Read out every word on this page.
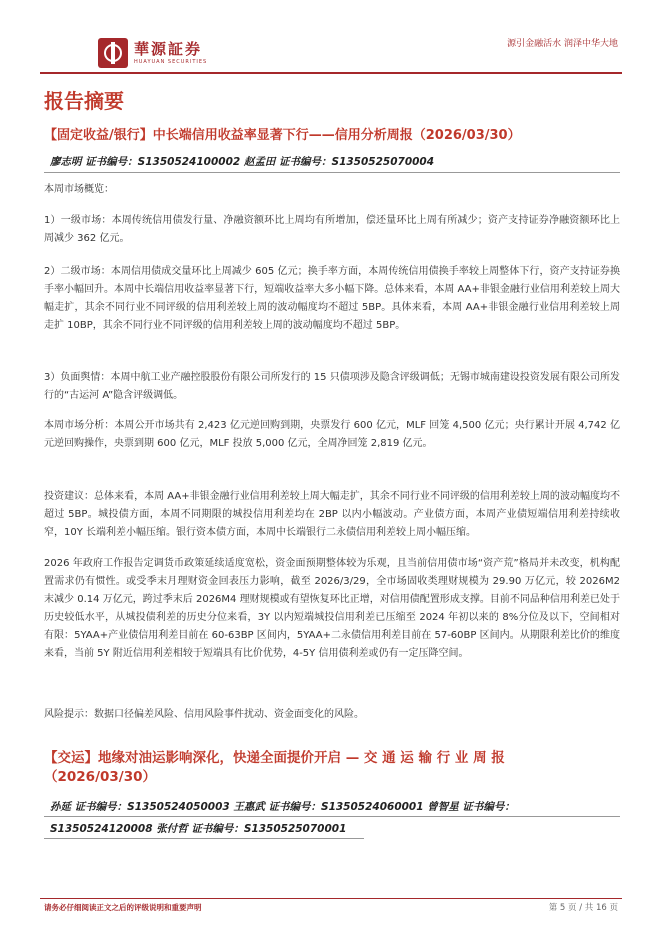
華源証券
HUAYUAN SECURITIES
源引金融活水 润泽中华大地
报告摘要
【固定收益/银行】中长端信用收益率显著下行——信用分析周报（2026/03/30）
廖志明 证书编号：S1350524100002 赵孟田 证书编号：S1350525070004

本周市场概览：

1）一级市场：本周传统信用债发行量、净融资额环比上周均有所增加，偿还量环比上周有所减少；资产支持证券净融资额环比上周减少 362 亿元。

2）二级市场：本周信用债成交量环比上周减少 605 亿元；换手率方面，本周传统信用债换手率较上周整体下行，资产支持证券换手率小幅回升。本周中长端信用收益率显著下行，短端收益率大多小幅下降。总体来看，本周 AA+非银金融行业信用利差较上周大幅走扩，其余不同行业不同评级的信用利差较上周的波动幅度均不超过 5BP。具体来看，本周 AA+非银金融行业信用利差较上周走扩 10BP，其余不同行业不同评级的信用利差较上周的波动幅度均不超过 5BP。

3）负面舆情：本周中航工业产融控股股份有限公司所发行的 15 只债项涉及隐含评级调低；无锡市城南建设投资发展有限公司所发行的“古运河 A”隐含评级调低。

本周市场分析：本周公开市场共有 2,423 亿元逆回购到期，央票发行 600 亿元，MLF 回笼 4,500 亿元；央行累计开展 4,742 亿元逆回购操作，央票到期 600 亿元，MLF 投放 5,000 亿元，全周净回笼 2,819 亿元。

投资建议：总体来看，本周 AA+非银金融行业信用利差较上周大幅走扩，其余不同行业不同评级的信用利差较上周的波动幅度均不超过 5BP。城投债方面，本周不同期限的城投信用利差均在 2BP 以内小幅波动。产业债方面，本周产业债短端信用利差持续收窄，10Y 长端利差小幅压缩。银行资本债方面，本周中长端银行二永债信用利差较上周小幅压缩。

2026 年政府工作报告定调货币政策延续适度宽松，资金面预期整体较为乐观，且当前信用债市场“资产荒”格局并未改变，机构配置需求仍有惯性。或受季末月理财资金回表压力影响，截至 2026/3/29，全市场固收类理财规模为 29.90 万亿元，较 2026M2 末减少 0.14 万亿元，跨过季末后 2026M4 理财规模或有望恢复环比正增，对信用债配置形成支撑。目前不同品种信用利差已处于历史较低水平，从城投债利差的历史分位来看，3Y 以内短端城投信用利差已压缩至 2024 年初以来的 8%分位及以下，空间相对有限：5YAA+产业债信用利差目前在 60-63BP 区间内，5YAA+二永债信用利差目前在 57-60BP 区间内。从期限利差比价的维度来看，当前 5Y 附近信用利差相较于短端具有比价优势，4-5Y 信用债利差或仍有一定压降空间。

风险提示：数据口径偏差风险、信用风险事件扰动、资金面变化的风险。

【交运】地缘对油运影响深化，快递全面提价开启 — 交 通 运 输 行 业 周 报
（2026/03/30）
孙延 证书编号：S1350524050003 王惠武 证书编号：S1350524060001 曾智星 证书编号：
S1350524120008 张付哲 证书编号：S1350525070001
请务必仔细阅读正文之后的评级说明和重要声明	第 5 页 / 共 16 页
